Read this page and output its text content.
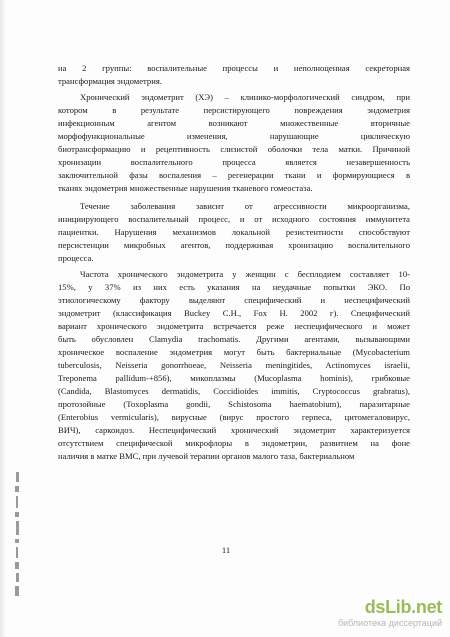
на 2 группы: воспалительные процессы и неполноценная секреторная
трансформация эндометрия.
Хронический эндометрит (ХЭ) – клинико-морфологический синдром, при
котором в результате персистирующего повреждения эндометрия
инфекционным агентом возникают множественные вторичные
морфофункциональные изменения, нарушающие циклическую
биотрансформацию и рецептивность слизистой оболочки тела матки. Причиной
хронизации воспалительного процесса является незавершенность
заключительной фазы воспаления – регенерации ткани и формирующиеся в
тканях эндометрия множественные нарушения тканевого гомеостаза.
Течение заболевания зависит от агрессивности микроорганизма,
инициирующего воспалительный процесс, и от исходного состояния иммунитета
пациентки. Нарушения механизмов локальной резистентности способствуют
персистенции микробных агентов, поддерживая хронизацию воспалительного
процесса.
Частота хронического эндометрита у женщин с бесплодием составляет 10-
15%, у 37% из них есть указания на неудачные попытки ЭКО. По
этиологическому фактору выделяют специфический и неспецифический
эндометрит (классификация Buckey C.H., Fox H. 2002 г). Специфический
вариант хронического эндометрита встречается реже неспецифического и может
быть обусловлен Clamydia trachomatis. Другими агентами, вызывающими
хроническое воспаление эндометрия могут быть бактериальные (Mycobacterium
tuberculosis, Neisseria gonorrhoeae, Neisseria meningitides, Actinomyces israelii,
Treponema pallidum-+856), микоплазмы (Mucoplasma hominis), грибковые
(Candida, Blastomyces dermatidis, Coccidioides immitis, Cryptococcus grabratus),
протозойные (Toxoplasma gondii, Schistosoma haematobium), паразитарные
(Enterobius vermicularis), вирусные (вирус простого герпеса, цитомегаловирус,
ВИЧ), саркоидоз. Неспецифический хронический эндометрит характеризуется
отсутствием специфической микрофлоры в эндометрии, развитием на фоне
наличия в матке ВМС, при лучевой терапии органов малого таза, бактериальном
11
dsLib.net
библиотека диссертаций
